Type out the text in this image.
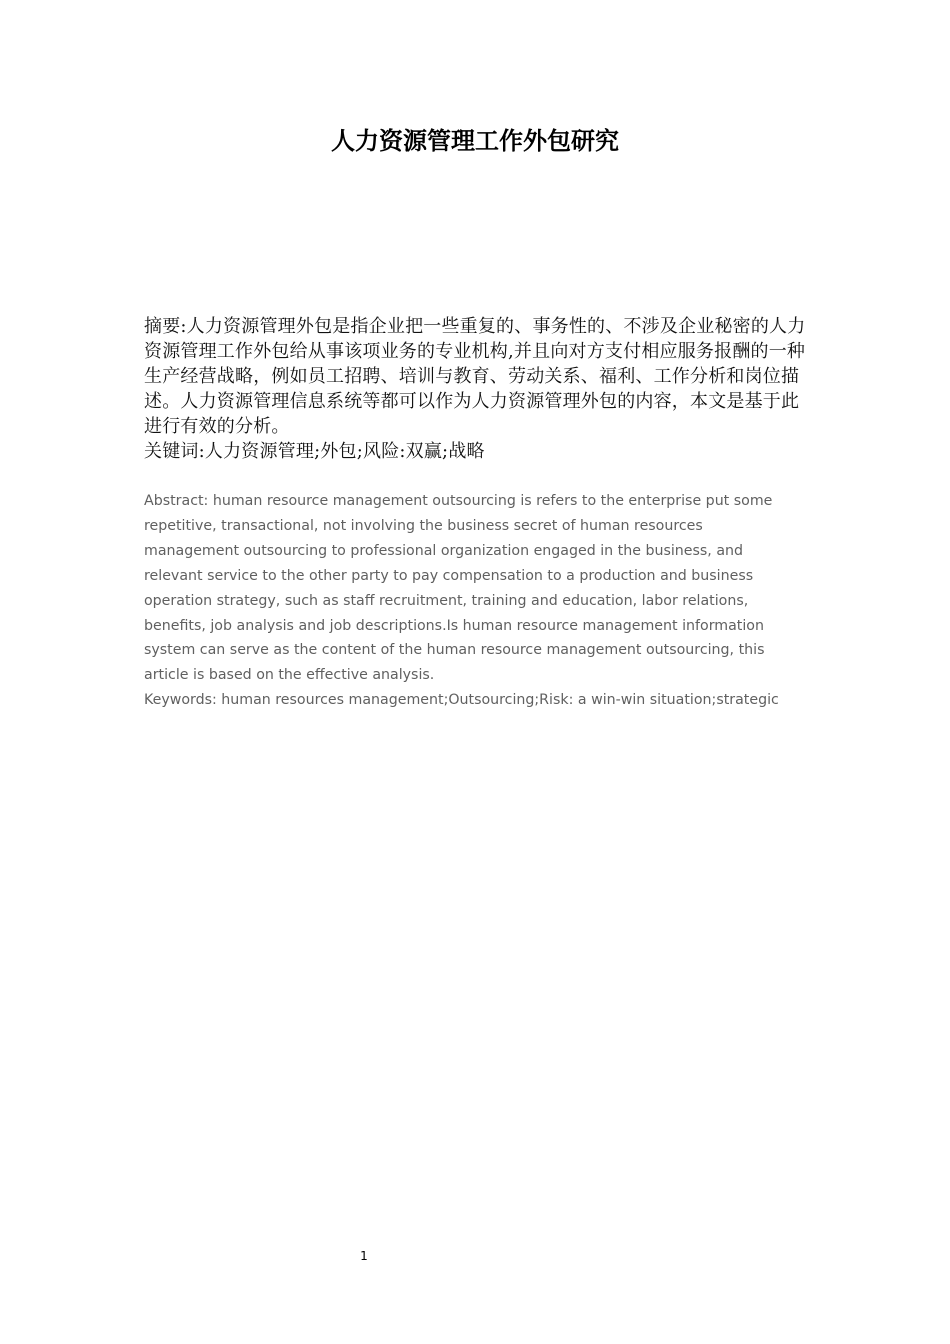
人力资源管理工作外包研究

摘要:人力资源管理外包是指企业把一些重复的、事务性的、不涉及企业秘密的人力资源管理工作外包给从事该项业务的专业机构,并且向对方支付相应服务报酬的一种生产经营战略，例如员工招聘、培训与教育、劳动关系、福利、工作分析和岗位描述。人力资源管理信息系统等都可以作为人力资源管理外包的内容，本文是基于此进行有效的分析。

关键词:人力资源管理;外包;风险:双赢;战略

Abstract: human resource management outsourcing is refers to the enterprise put some repetitive, transactional, not involving the business secret of human resources management outsourcing to professional organization engaged in the business, and relevant service to the other party to pay compensation to a production and business operation strategy, such as staff recruitment, training and education, labor relations, benefits, job analysis and job descriptions.Is human resource management information system can serve as the content of the human resource management outsourcing, this article is based on the effective analysis.

Keywords: human resources management;Outsourcing;Risk: a win-win situation;strategic

1
